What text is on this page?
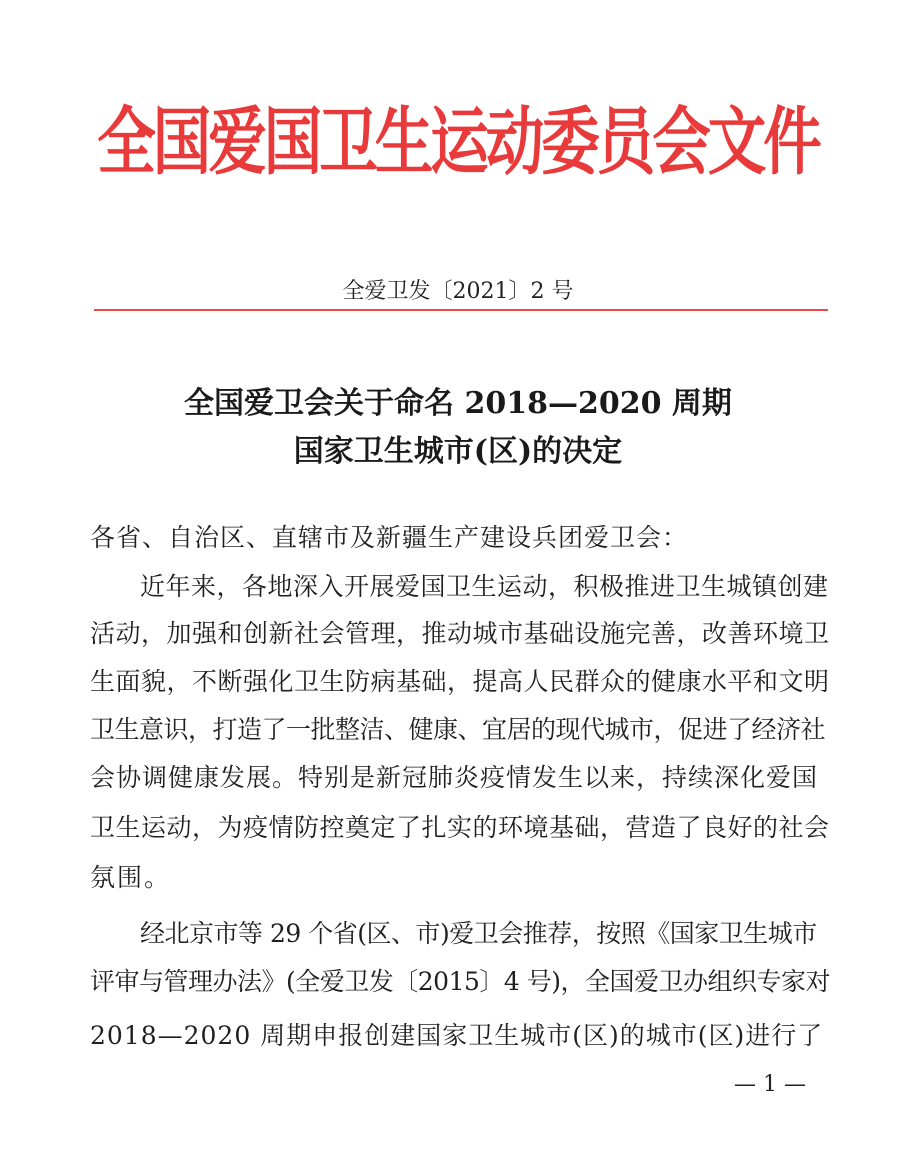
全国爱国卫生运动委员会文件
全爱卫发〔2021〕2 号
全国爱卫会关于命名 2018—2020 周期
国家卫生城市(区)的决定
各省、自治区、直辖市及新疆生产建设兵团爱卫会：
近年来，各地深入开展爱国卫生运动，积极推进卫生城镇创建
活动，加强和创新社会管理，推动城市基础设施完善，改善环境卫
生面貌，不断强化卫生防病基础，提高人民群众的健康水平和文明
卫生意识，打造了一批整洁、健康、宜居的现代城市，促进了经济社
会协调健康发展。特别是新冠肺炎疫情发生以来，持续深化爱国
卫生运动，为疫情防控奠定了扎实的环境基础，营造了良好的社会
氛围。
经北京市等 29 个省(区、市)爱卫会推荐，按照《国家卫生城市
评审与管理办法》(全爱卫发〔2015〕4 号)，全国爱卫办组织专家对
2018—2020 周期申报创建国家卫生城市(区)的城市(区)进行了
— 1 —
